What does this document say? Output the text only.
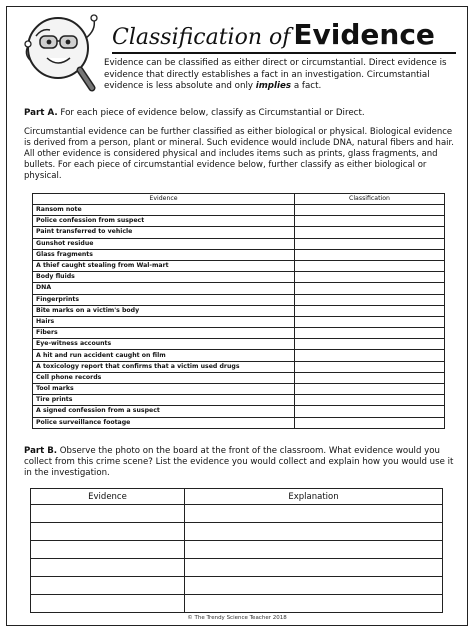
Classification of Evidence
Evidence can be classified as either direct or circumstantial. Direct evidence is evidence that directly establishes a fact in an investigation. Circumstantial evidence is less absolute and only implies a fact.
Part A. For each piece of evidence below, classify as Circumstantial or Direct.
Circumstantial evidence can be further classified as either biological or physical. Biological evidence is derived from a person, plant or mineral. Such evidence would include DNA, natural fibers and hair. All other evidence is considered physical and includes items such as prints, glass fragments, and bullets. For each piece of circumstantial evidence below, further classify as either biological or physical.
Evidence	Classification
Ransom note	
Police confession from suspect	
Paint transferred to vehicle	
Gunshot residue	
Glass fragments	
A thief caught stealing from Wal-mart	
Body fluids	
DNA	
Fingerprints	
Bite marks on a victim's body	
Hairs	
Fibers	
Eye-witness accounts	
A hit and run accident caught on film	
A toxicology report that confirms that a victim used drugs	
Cell phone records	
Tool marks	
Tire prints	
A signed confession from a suspect	
Police surveillance footage	
Part B. Observe the photo on the board at the front of the classroom. What evidence would you collect from this crime scene? List the evidence you would collect and explain how you would use it in the investigation.
Evidence	Explanation

© The Trendy Science Teacher 2018
